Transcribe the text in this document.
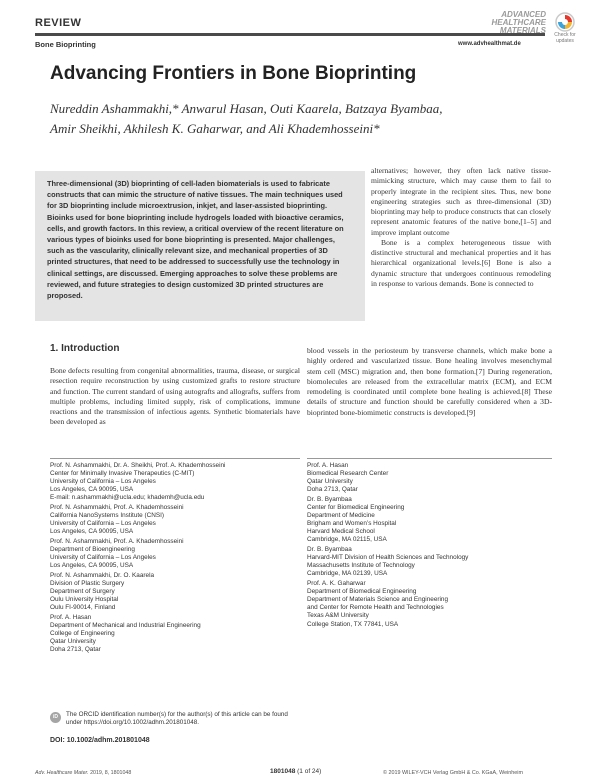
REVIEW
Bone Bioprinting	www.advhealthmat.de
ADVANCED
HEALTHCARE
MATERIALS	Check for
updates
Advancing Frontiers in Bone Bioprinting
Nureddin Ashammakhi,* Anwarul Hasan, Outi Kaarela, Batzaya Byambaa,
Amir Sheikhi, Akhilesh K. Gaharwar, and Ali Khademhosseini*
Three-dimensional (3D) bioprinting of cell-laden biomaterials is used to fabricate constructs that can mimic the structure of native tissues. The main techniques used for 3D bioprinting include microextrusion, inkjet, and laser-assisted bioprinting. Bioinks used for bone bioprinting include hydrogels loaded with bioactive ceramics, cells, and growth factors. In this review, a critical overview of the recent literature on various types of bioinks used for bone bioprinting is presented. Major challenges, such as the vascularity, clinically relevant size, and mechanical properties of 3D printed structures, that need to be addressed to successfully use the technology in clinical settings, are discussed. Emerging approaches to solve these problems are reviewed, and future strategies to design customized 3D printed structures are proposed.

alternatives; however, they often lack native tissue-mimicking structure, which may cause them to fail to properly integrate in the recipient sites. Thus, new bone engineering strategies such as three-dimensional (3D) bioprinting may help to produce constructs that can closely represent anatomic features of the native bone,[1–5] and improve implant outcome

Bone is a complex heterogeneous tissue with distinctive structural and mechanical properties and it has hierarchical organizational levels.[6] Bone is also a dynamic structure that undergoes continuous remodeling in response to various demands. Bone is connected to

blood vessels in the periosteum by transverse channels, which make bone a highly ordered and vascularized tissue. Bone healing involves mesenchymal stem cell (MSC) migration and, then bone formation.[7] During regeneration, biomolecules are released from the extracellular matrix (ECM), and ECM remodeling is coordinated until complete bone healing is achieved.[8] These details of structure and function should be carefully considered when a 3D-bioprinted bone-biomimetic constructs is developed.[9]

1. Introduction

Bone defects resulting from congenital abnormalities, trauma, disease, or surgical resection require reconstruction by using customized grafts to restore structure and function. The current standard of using autografts and allografts, suffers from multiple problems, including limited supply, risk of complications, immune reactions and the transmission of infectious agents. Synthetic biomaterials have been developed as

Prof. N. Ashammakhi, Dr. A. Sheikhi, Prof. A. Khademhosseini
Center for Minimally Invasive Therapeutics (C-MIT)
University of California – Los Angeles
Los Angeles, CA 90095, USA
E-mail: n.ashammakhi@ucla.edu; khademh@ucla.edu
Prof. N. Ashammakhi, Prof. A. Khademhosseini
California NanoSystems Institute (CNSI)
University of California – Los Angeles
Los Angeles, CA 90095, USA
Prof. N. Ashammakhi, Prof. A. Khademhosseini
Department of Bioengineering
University of California – Los Angeles
Los Angeles, CA 90095, USA
Prof. N. Ashammakhi, Dr. O. Kaarela
Division of Plastic Surgery
Department of Surgery
Oulu University Hospital
Oulu FI-90014, Finland
Prof. A. Hasan
Department of Mechanical and Industrial Engineering
College of Engineering
Qatar University
Doha 2713, Qatar
Prof. A. Hasan
Biomedical Research Center
Qatar University
Doha 2713, Qatar
Dr. B. Byambaa
Center for Biomedical Engineering
Department of Medicine
Brigham and Women’s Hospital
Harvard Medical School
Cambridge, MA 02115, USA
Dr. B. Byambaa
Harvard-MIT Division of Health Sciences and Technology
Massachusetts Institute of Technology
Cambridge, MA 02139, USA
Prof. A. K. Gaharwar
Department of Biomedical Engineering
Department of Materials Science and Engineering
and Center for Remote Health and Technologies
Texas A&M University
College Station, TX 77841, USA
iD	The ORCID identification number(s) for the author(s) of this article can be found under https://doi.org/10.1002/adhm.201801048.
DOI: 10.1002/adhm.201801048
Adv. Healthcare Mater. 2019, 8, 1801048	1801048 (1 of 24)	© 2019 WILEY-VCH Verlag GmbH & Co. KGaA, Weinheim
